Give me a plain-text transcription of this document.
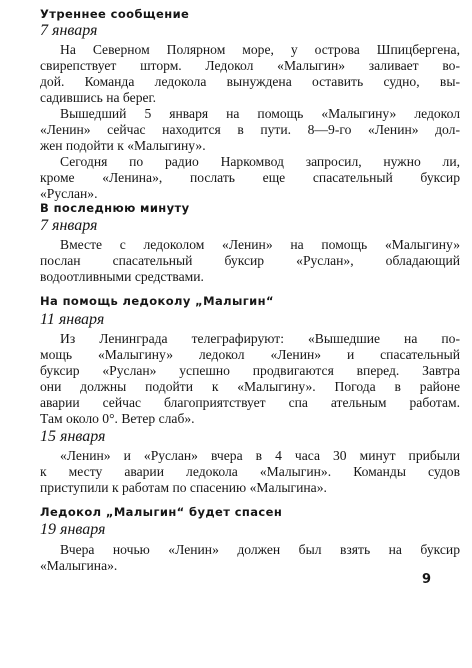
Утреннее сообщение
7 января
На Северном Полярном море, у острова Шпицбергена,
свирепствует шторм. Ледокол «Малыгин» заливает во-
дой. Команда ледокола вынуждена оставить судно, вы-
садившись на берег.
Вышедший 5 января на помощь «Малыгину» ледокол
«Ленин» сейчас находится в пути. 8—9-го «Ленин» дол-
жен подойти к «Малыгину».
Сегодня по радио Наркомвод запросил, нужно ли,
кроме «Ленина», послать еще спасательный буксир
«Руслан».
В последнюю минуту
7 января
Вместе с ледоколом «Ленин» на помощь «Малыгину»
послан спасательный буксир «Руслан», обладающий
водоотливными средствами.
На помощь ледоколу „Малыгин“
11 января
Из Ленинграда телеграфируют: «Вышедшие на по-
мощь «Малыгину» ледокол «Ленин» и спасательный
буксир «Руслан» успешно продвигаются вперед. Завтра
они должны подойти к «Малыгину». Погода в районе
аварии сейчас благоприятствует спа ательным работам.
Там около 0°. Ветер слаб».
15 января
«Ленин» и «Руслан» вчера в 4 часа 30 минут прибыли
к месту аварии ледокола «Малыгин». Команды судов
приступили к работам по спасению «Малыгина».
Ледокол „Малыгин“ будет спасен
19 января
Вчера ночью «Ленин» должен был взять на буксир
«Малыгина».
9
